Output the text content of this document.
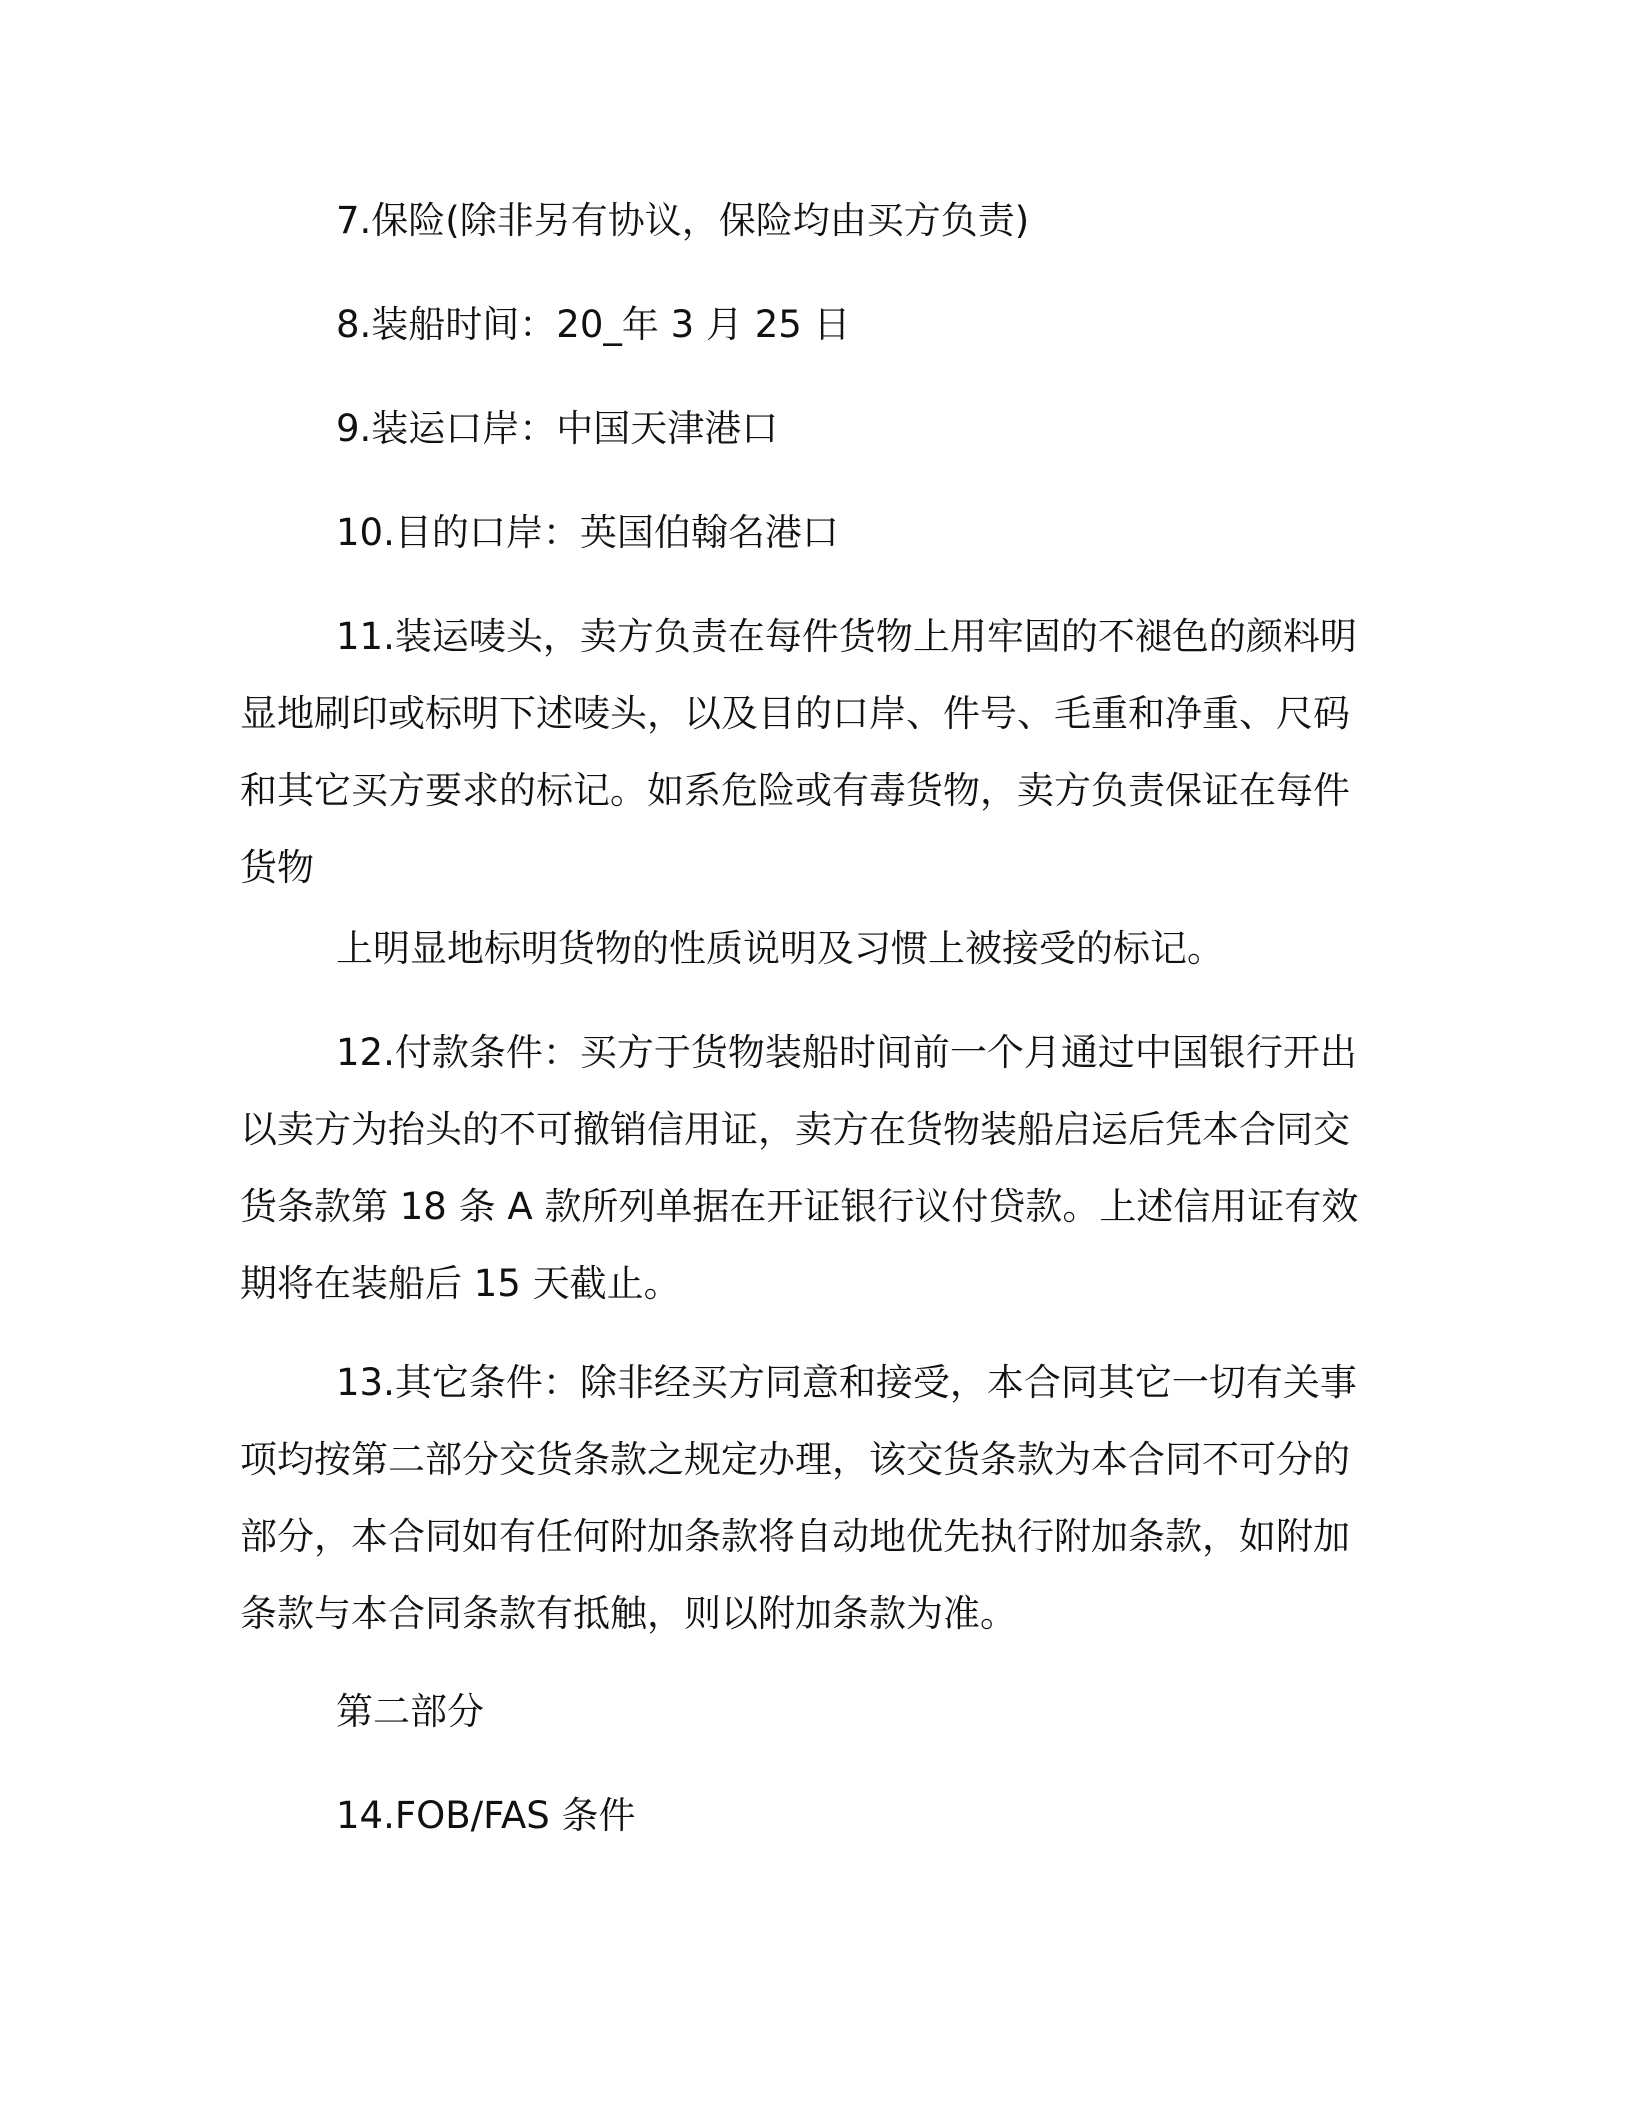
7.保险(除非另有协议，保险均由买方负责)

8.装船时间：20_年 3 月 25 日

9.装运口岸：中国天津港口

10.目的口岸：英国伯翰名港口

11.装运唛头，卖方负责在每件货物上用牢固的不褪色的颜料明显地刷印或标明下述唛头，以及目的口岸、件号、毛重和净重、尺码和其它买方要求的标记。如系危险或有毒货物，卖方负责保证在每件货物

上明显地标明货物的性质说明及习惯上被接受的标记。

12.付款条件：买方于货物装船时间前一个月通过中国银行开出以卖方为抬头的不可撤销信用证，卖方在货物装船启运后凭本合同交货条款第 18 条 A 款所列单据在开证银行议付贷款。上述信用证有效期将在装船后 15 天截止。

13.其它条件：除非经买方同意和接受，本合同其它一切有关事项均按第二部分交货条款之规定办理，该交货条款为本合同不可分的部分，本合同如有任何附加条款将自动地优先执行附加条款，如附加条款与本合同条款有抵触，则以附加条款为准。

第二部分

14.FOB/FAS 条件
